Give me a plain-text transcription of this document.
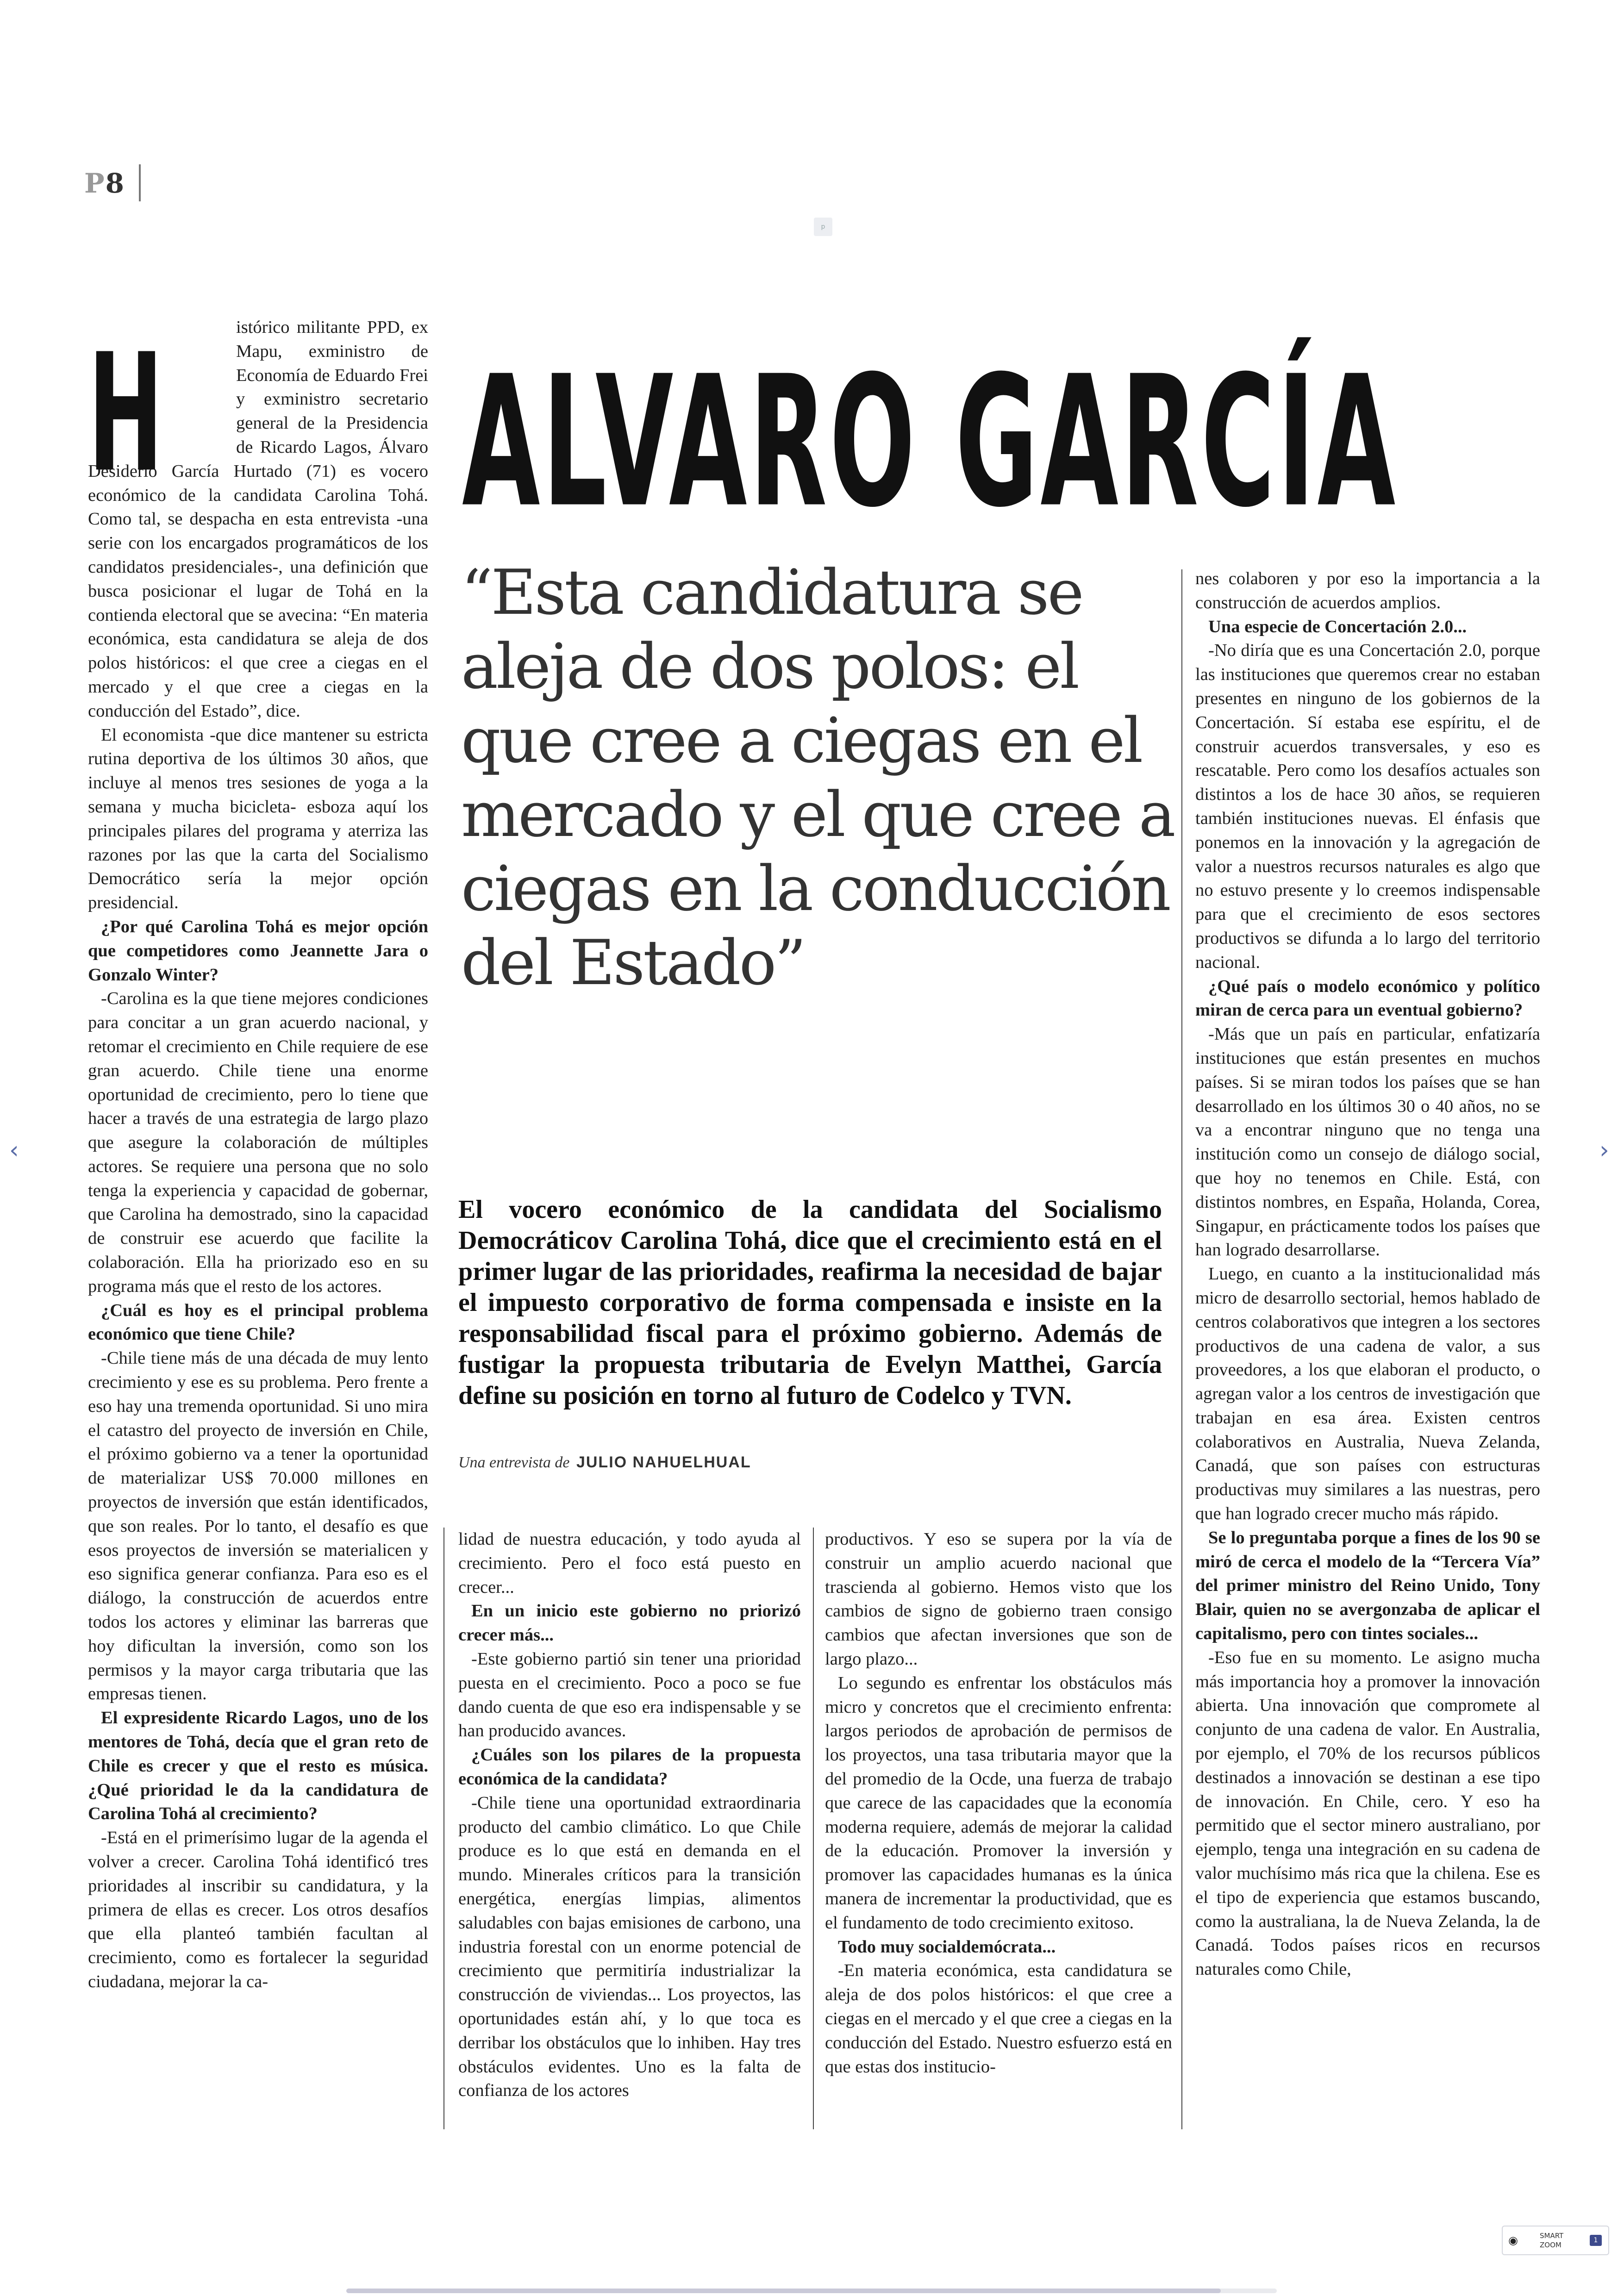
P8
p
ALVARO GARCÍA
“Esta candidatura se aleja de dos polos: el que cree a ciegas en el mercado y el que cree a ciegas en la conducción del Estado”
El vocero económico de la candidata del Socialismo Democráticov Carolina Tohá, dice que el crecimiento está en el primer lugar de las prioridades, reafirma la necesidad de bajar el impuesto corporativo de forma compensada e insiste en la responsabilidad fiscal para el próximo gobierno. Además de fustigar la propuesta tributaria de Evelyn Matthei, García define su posición en torno al futuro de Codelco y TVN.
Una entrevista de JULIO NAHUELHUAL
H	istórico militante PPD, ex Mapu, exministro de Economía de Eduardo Frei y exministro secretario general de la Presidencia de Ricardo Lagos, Álvaro Desiderio García Hurtado (71) es vocero económico de la candidata Carolina Tohá. Como tal, se despacha en esta entrevista -una serie con los encargados programáticos de los candidatos presidenciales-, una definición que busca posicionar el lugar de Tohá en la contienda electoral que se avecina: “En materia económica, esta candidatura se aleja de dos polos históricos: el que cree a ciegas en el mercado y el que cree a ciegas en la conducción del Estado”, dice.

El economista -que dice mantener su estricta rutina deportiva de los últimos 30 años, que incluye al menos tres sesiones de yoga a la semana y mucha bicicleta- esboza aquí los principales pilares del programa y aterriza las razones por las que la carta del Socialismo Democrático sería la mejor opción presidencial.

¿Por qué Carolina Tohá es mejor opción que competidores como Jeannette Jara o Gonzalo Winter?

-Carolina es la que tiene mejores condiciones para concitar a un gran acuerdo nacional, y retomar el crecimiento en Chile requiere de ese gran acuerdo. Chile tiene una enorme oportunidad de crecimiento, pero lo tiene que hacer a través de una estrategia de largo plazo que asegure la colaboración de múltiples actores. Se requiere una persona que no solo tenga la experiencia y capacidad de gobernar, que Carolina ha demostrado, sino la capacidad de construir ese acuerdo que facilite la colaboración. Ella ha priorizado eso en su programa más que el resto de los actores.

¿Cuál es hoy es el principal problema económico que tiene Chile?

-Chile tiene más de una década de muy lento crecimiento y ese es su problema. Pero frente a eso hay una tremenda oportunidad. Si uno mira el catastro del proyecto de inversión en Chile, el próximo gobierno va a tener la oportunidad de materializar US$ 70.000 millones en proyectos de inversión que están identificados, que son reales. Por lo tanto, el desafío es que esos proyectos de inversión se materialicen y eso significa generar confianza. Para eso es el diálogo, la construcción de acuerdos entre todos los actores y eliminar las barreras que hoy dificultan la inversión, como son los permisos y la mayor carga tributaria que las empresas tienen.

El expresidente Ricardo Lagos, uno de los mentores de Tohá, decía que el gran reto de Chile es crecer y que el resto es música. ¿Qué prioridad le da la candidatura de Carolina Tohá al crecimiento?

-Está en el primerísimo lugar de la agenda el volver a crecer. Carolina Tohá identificó tres prioridades al inscribir su candidatura, y la primera de ellas es crecer. Los otros desafíos que ella planteó también facultan al crecimiento, como es fortalecer la seguridad ciudadana, mejorar la ca-

lidad de nuestra educación, y todo ayuda al crecimiento. Pero el foco está puesto en crecer...

En un inicio este gobierno no priorizó crecer más...

-Este gobierno partió sin tener una prioridad puesta en el crecimiento. Poco a poco se fue dando cuenta de que eso era indispensable y se han producido avances.

¿Cuáles son los pilares de la propuesta económica de la candidata?

-Chile tiene una oportunidad extraordinaria producto del cambio climático. Lo que Chile produce es lo que está en demanda en el mundo. Minerales críticos para la transición energética, energías limpias, alimentos saludables con bajas emisiones de carbono, una industria forestal con un enorme potencial de crecimiento que permitiría industrializar la construcción de viviendas... Los proyectos, las oportunidades están ahí, y lo que toca es derribar los obstáculos que lo inhiben. Hay tres obstáculos evidentes. Uno es la falta de confianza de los actores

productivos. Y eso se supera por la vía de construir un amplio acuerdo nacional que trascienda al gobierno. Hemos visto que los cambios de signo de gobierno traen consigo cambios que afectan inversiones que son de largo plazo...

Lo segundo es enfrentar los obstáculos más micro y concretos que el crecimiento enfrenta: largos periodos de aprobación de permisos de los proyectos, una tasa tributaria mayor que la del promedio de la Ocde, una fuerza de trabajo que carece de las capacidades que la economía moderna requiere, además de mejorar la calidad de la educación. Promover la inversión y promover las capacidades humanas es la única manera de incrementar la productividad, que es el fundamento de todo crecimiento exitoso.

Todo muy socialdemócrata...

-En materia económica, esta candidatura se aleja de dos polos históricos: el que cree a ciegas en el mercado y el que cree a ciegas en la conducción del Estado. Nuestro esfuerzo está en que estas dos institucio-

nes colaboren y por eso la importancia a la construcción de acuerdos amplios.

Una especie de Concertación 2.0...

-No diría que es una Concertación 2.0, porque las instituciones que queremos crear no estaban presentes en ninguno de los gobiernos de la Concertación. Sí estaba ese espíritu, el de construir acuerdos transversales, y eso es rescatable. Pero como los desafíos actuales son distintos a los de hace 30 años, se requieren también instituciones nuevas. El énfasis que ponemos en la innovación y la agregación de valor a nuestros recursos naturales es algo que no estuvo presente y lo creemos indispensable para que el crecimiento de esos sectores productivos se difunda a lo largo del territorio nacional.

¿Qué país o modelo económico y político miran de cerca para un eventual gobierno?

-Más que un país en particular, enfatizaría instituciones que están presentes en muchos países. Si se miran todos los países que se han desarrollado en los últimos 30 o 40 años, no se va a encontrar ninguno que no tenga una institución como un consejo de diálogo social, que hoy no tenemos en Chile. Está, con distintos nombres, en España, Holanda, Corea, Singapur, en prácticamente todos los países que han logrado desarrollarse.

Luego, en cuanto a la institucionalidad más micro de desarrollo sectorial, hemos hablado de centros colaborativos que integren a los sectores productivos de una cadena de valor, a sus proveedores, a los que elaboran el producto, o agregan valor a los centros de investigación que trabajan en esa área. Existen centros colaborativos en Australia, Nueva Zelanda, Canadá, que son países con estructuras productivas muy similares a las nuestras, pero que han logrado crecer mucho más rápido.

Se lo preguntaba porque a fines de los 90 se miró de cerca el modelo de la “Tercera Vía” del primer ministro del Reino Unido, Tony Blair, quien no se avergonzaba de aplicar el capitalismo, pero con tintes sociales...

-Eso fue en su momento. Le asigno mucha más importancia hoy a promover la innovación abierta. Una innovación que compromete al conjunto de una cadena de valor. En Australia, por ejemplo, el 70% de los recursos públicos destinados a innovación se destinan a ese tipo de innovación. En Chile, cero. Y eso ha permitido que el sector minero australiano, por ejemplo, tenga una integración en su cadena de valor muchísimo más rica que la chilena. Ese es el tipo de experiencia que estamos buscando, como la australiana, la de Nueva Zelanda, la de Canadá. Todos países ricos en recursos naturales como Chile,

‹	›
◉	SMART
ZOOM
1
